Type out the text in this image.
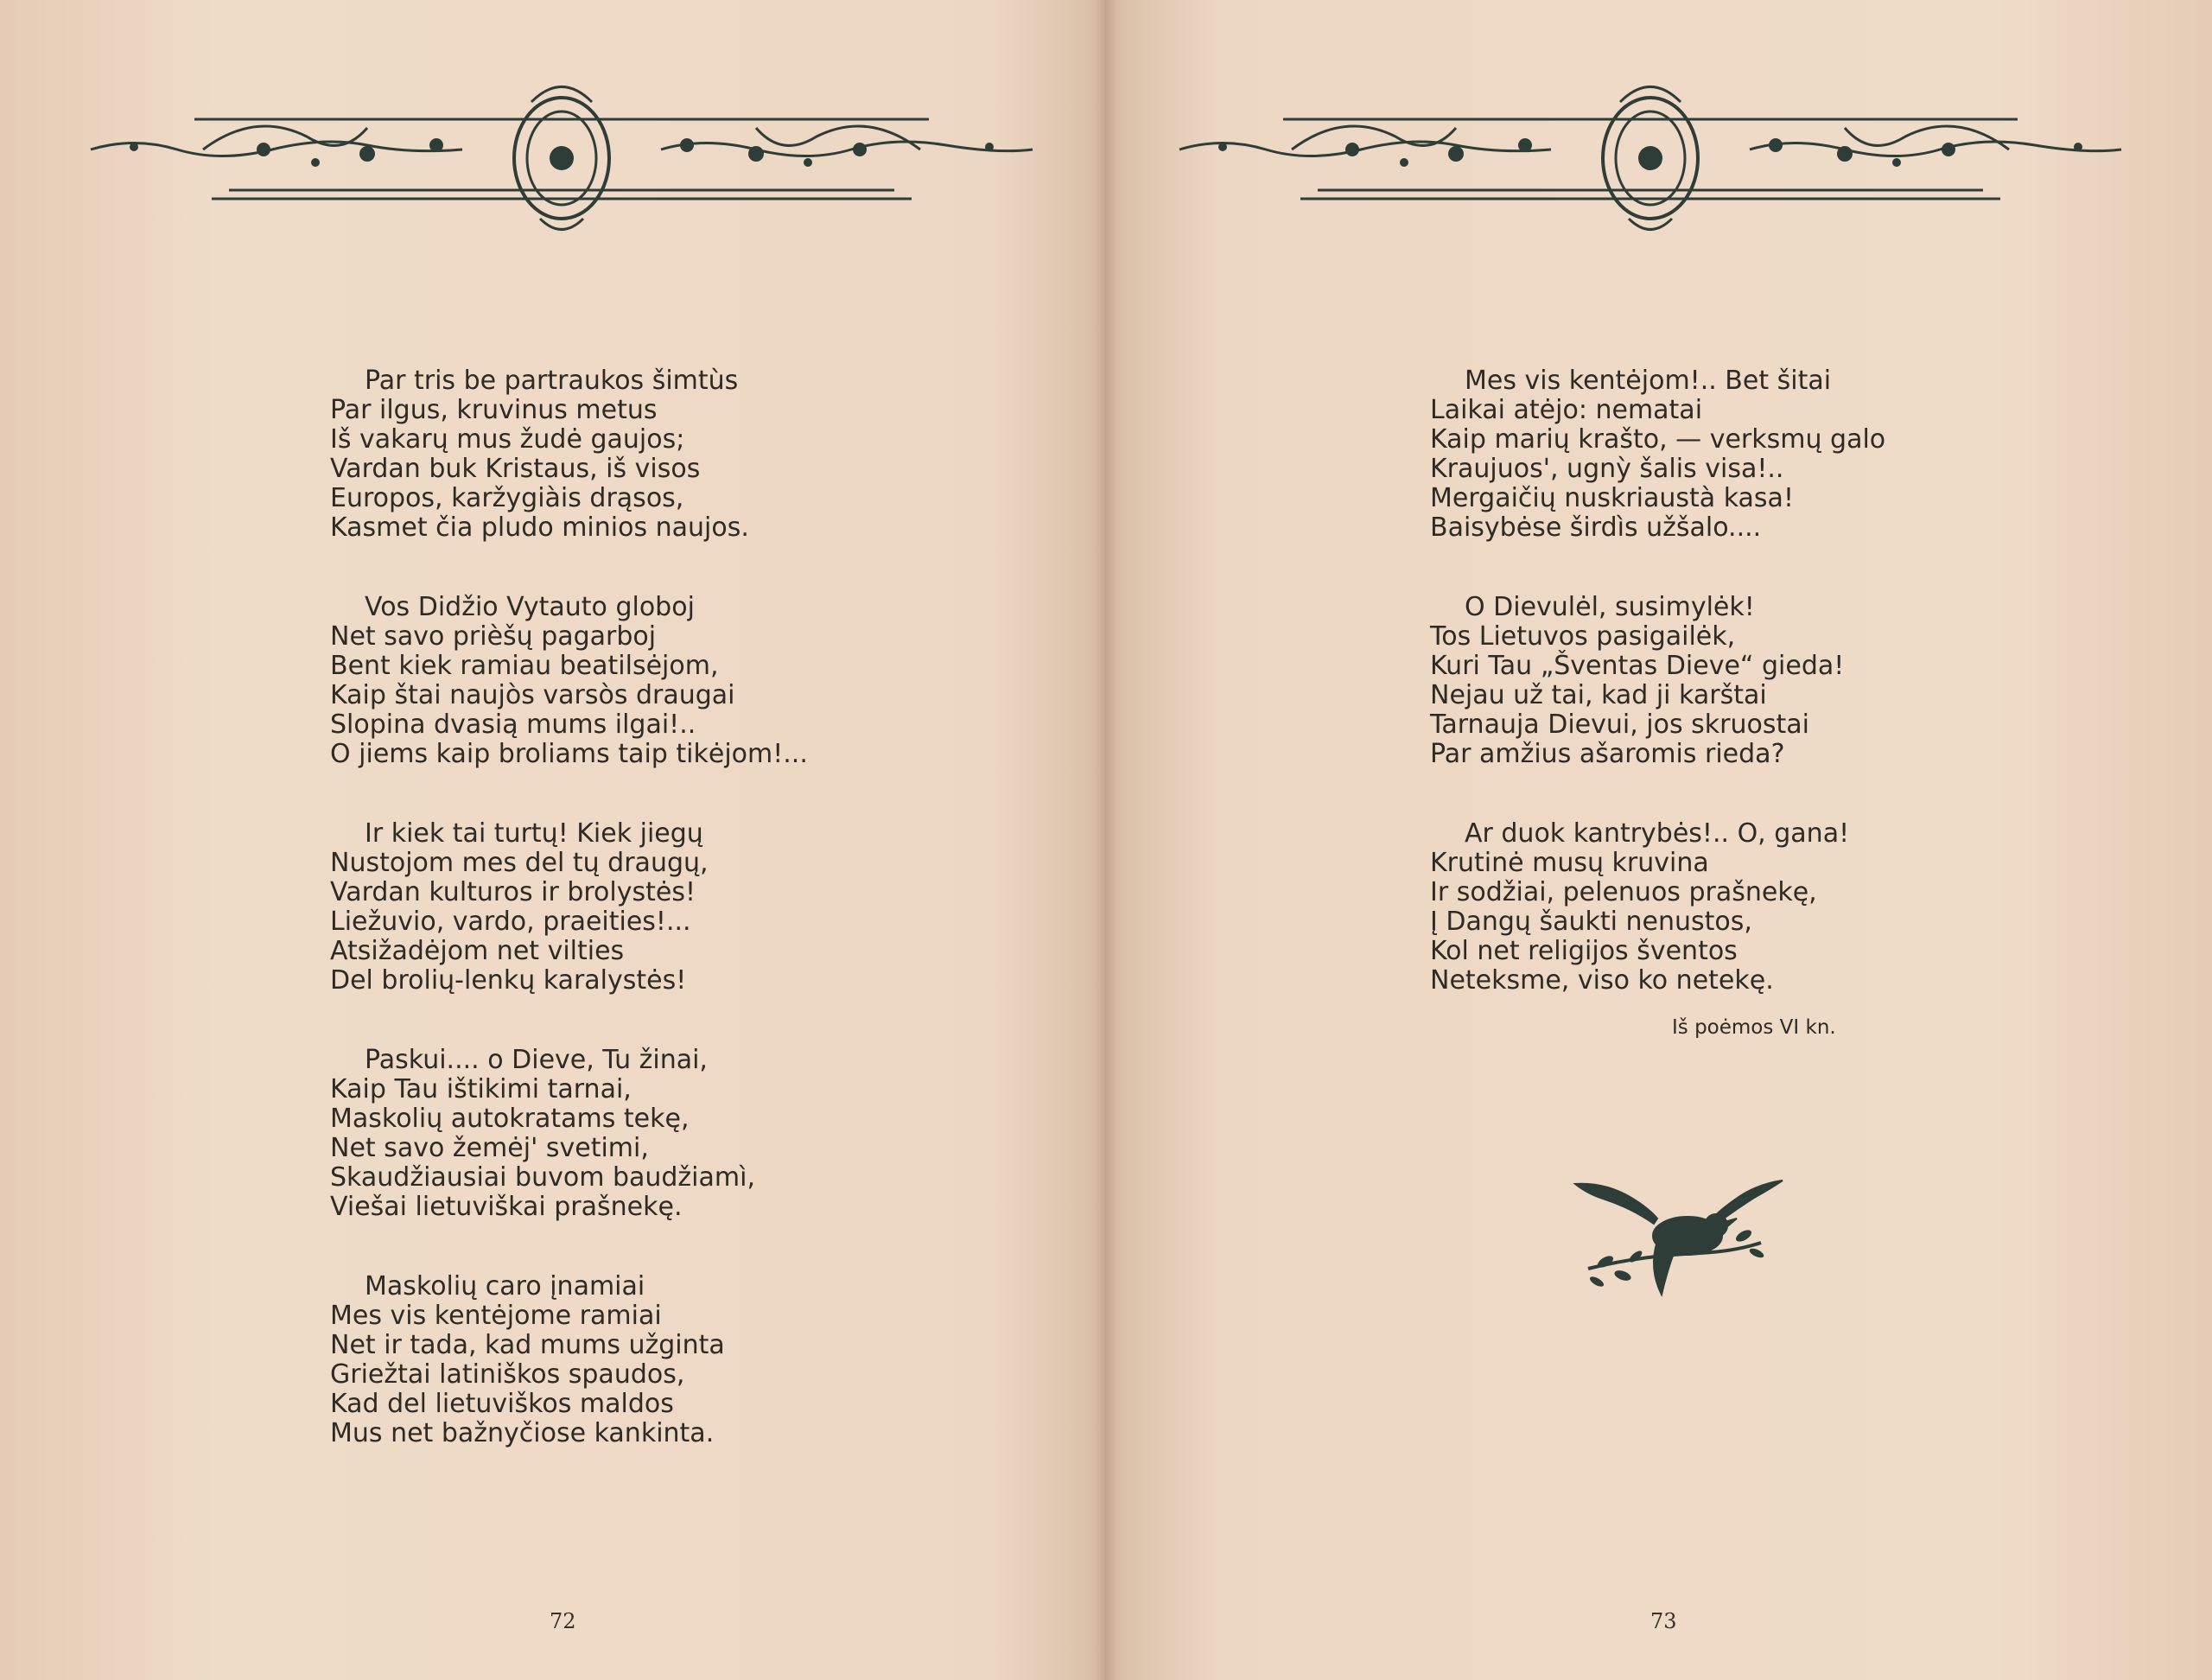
Par tris be partraukos šimtùs
Par ilgus, kruvinus metus
Iš vakarų mus žudė gaujos;
Vardan buk Kristaus, iš visos
Europos, karžygiàis drąsos,
Kasmet čia pludo minios naujos.
Vos Didžio Vytauto globoj
Net savo prièšų pagarboj
Bent kiek ramiau beatilsėjom,
Kaip štai naujòs varsòs draugai
Slopina dvasią mums ilgai!..
O jiems kaip broliams taip tikėjom!...
Ir kiek tai turtų! Kiek jiegų
Nustojom mes del tų draugų,
Vardan kulturos ir brolystės!
Liežuvio, vardo, praeities!...
Atsižadėjom net vilties
Del brolių-lenkų karalystės!
Paskui.... o Dieve, Tu žinai,
Kaip Tau ištikimi tarnai,
Maskolių autokratams tekę,
Net savo žemėj' svetimi,
Skaudžiausiai buvom baudžiamì,
Viešai lietuviškai prašnekę.
Maskolių caro įnamiai
Mes vis kentėjome ramiai
Net ir tada, kad mums užginta
Griežtai latiniškos spaudos,
Kad del lietuviškos maldos
Mus net bažnyčiose kankinta.
72
Mes vis kentėjom!.. Bet šitai
Laikai atėjo: nematai
Kaip marių krašto, — verksmų galo
Kraujuos', ugnỳ šalis visa!..
Mergaičių nuskriaustà kasa!
Baisybėse širdìs užšalo....
O Dievulėl, susimylėk!
Tos Lietuvos pasigailėk,
Kuri Tau „Šventas Dieve“ gieda!
Nejau už tai, kad ji karštai
Tarnauja Dievui, jos skruostai
Par amžius ašaromis rieda?
Ar duok kantrybės!.. O, gana!
Krutinė musų kruvina
Ir sodžiai, pelenuos prašnekę,
Į Dangų šaukti nenustos,
Kol net religijos šventos
Neteksme, viso ko netekę.
Iš poėmos VI kn.
73
